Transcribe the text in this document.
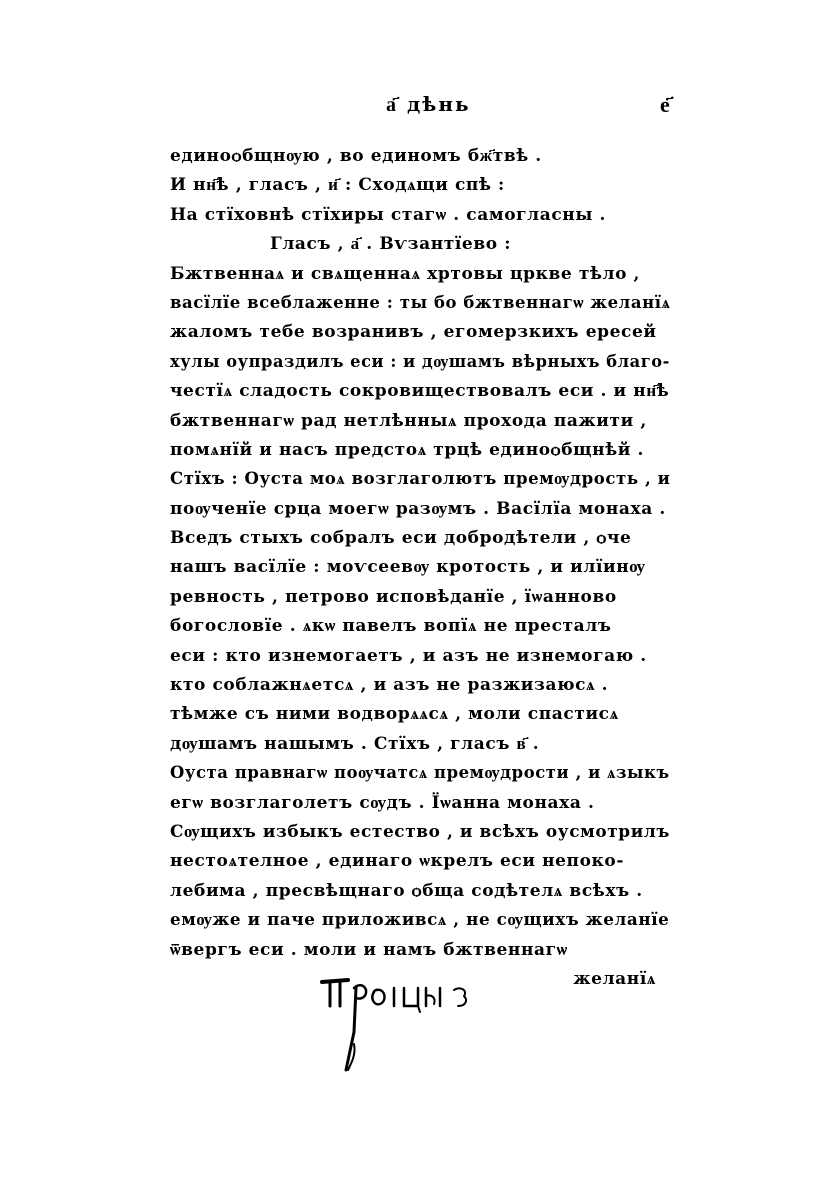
а҃ дѣнь	е҃
единоѻбщнѹю , во единомъ бж҃твѣ .
И нн҃ѣ , гласъ , и҃ : Сходѧщи спѣ :
На стїховнѣ стїхиры стагѡ . самогласны .
Гласъ , а҃ . Вѵзантїево :
Бжтвеннаѧ и свѧщеннаѧ хртовы цркве тѣло ,
васїлїе всеблаженне : ты бо бжтвеннагѡ желанїѧ
жаломъ тебе возранивъ , егомерзкихъ ересей
хулы оупраздилъ еси : и дѹшамъ вѣрныхъ благо-
честїѧ сладость сокровиществовалъ еси . и нн҃ѣ
бжтвеннагѡ рад нетлѣнныѧ прохода пажити ,
помѧнїй и насъ предстоѧ трцѣ единоѻбщнѣй .
Стїхъ : Оуста моѧ возглаголютъ премѹдрость , и
поѹченїе срца моегѡ разѹмъ . Васїлїа монаха .
Вседъ стыхъ собралъ еси добродѣтели , ѻче
нашъ васїлїе : моѵсеевѹ кротость , и илїинѹ
ревность , петрово исповѣданїе , їѡанново
богословїе . ѧкѡ павелъ вопїѧ не престалъ
еси : кто изнемогаетъ , и азъ не изнемогаю .
кто соблажнѧетсѧ , и азъ не разжизаюсѧ .
тѣмже съ ними водворѧѧсѧ , моли спастисѧ
дѹшамъ нашымъ . Стїхъ , гласъ в҃ .
Оуста правнагѡ поѹчатсѧ премѹдрости , и ѧзыкъ
егѡ возглаголетъ сѹдъ . Їѡанна монаха .
Сѹщихъ избыкъ естество , и всѣхъ оусмотрилъ
нестоѧтелное , единаго ѡкрелъ еси непоко-
лебима , пресвѣщнаго ѻбща содѣтелѧ всѣхъ .
емѹже и паче приложивсѧ , не сѹщихъ желанїе
ѿвергъ еси . моли и намъ бжтвеннагѡ
желанїѧ
